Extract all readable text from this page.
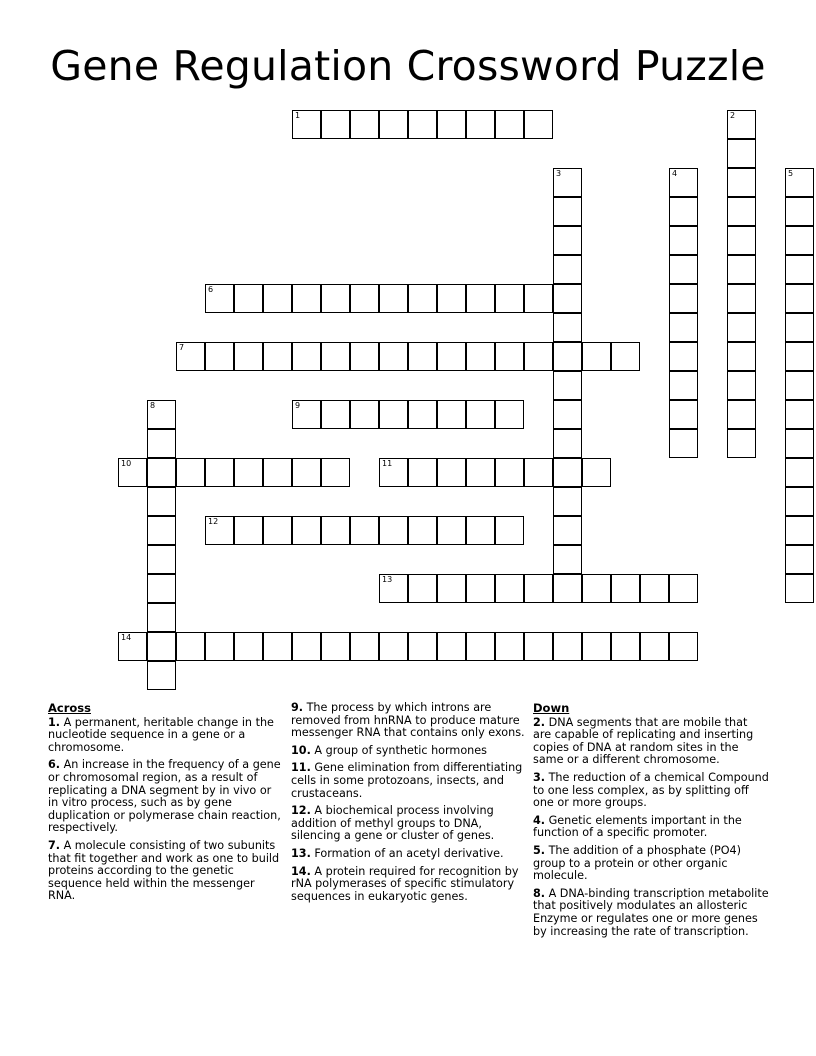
Gene Regulation Crossword Puzzle
1	2
3	4	5
6
7
8	9
10	11
12
13
14
Across
1. A permanent, heritable change in the nucleotide sequence in a gene or a chromosome.
6. An increase in the frequency of a gene or chromosomal region, as a result of replicating a DNA segment by in vivo or in vitro process, such as by gene duplication or polymerase chain reaction, respectively.
7. A molecule consisting of two subunits that fit together and work as one to build proteins according to the genetic sequence held within the messenger RNA.
9. The process by which introns are removed from hnRNA to produce mature messenger RNA that contains only exons.
10. A group of synthetic hormones
11. Gene elimination from differentiating cells in some protozoans, insects, and crustaceans.
12. A biochemical process involving addition of methyl groups to DNA, silencing a gene or cluster of genes.
13. Formation of an acetyl derivative.
14. A protein required for recognition by rNA polymerases of specific stimulatory sequences in eukaryotic genes.
Down
2. DNA segments that are mobile that are capable of replicating and inserting copies of DNA at random sites in the same or a different chromosome.
3. The reduction of a chemical Compound to one less complex, as by splitting off one or more groups.
4. Genetic elements important in the function of a specific promoter.
5. The addition of a phosphate (PO4) group to a protein or other organic molecule.
8. A DNA-binding transcription metabolite that positively modulates an allosteric Enzyme or regulates one or more genes by increasing the rate of transcription.
